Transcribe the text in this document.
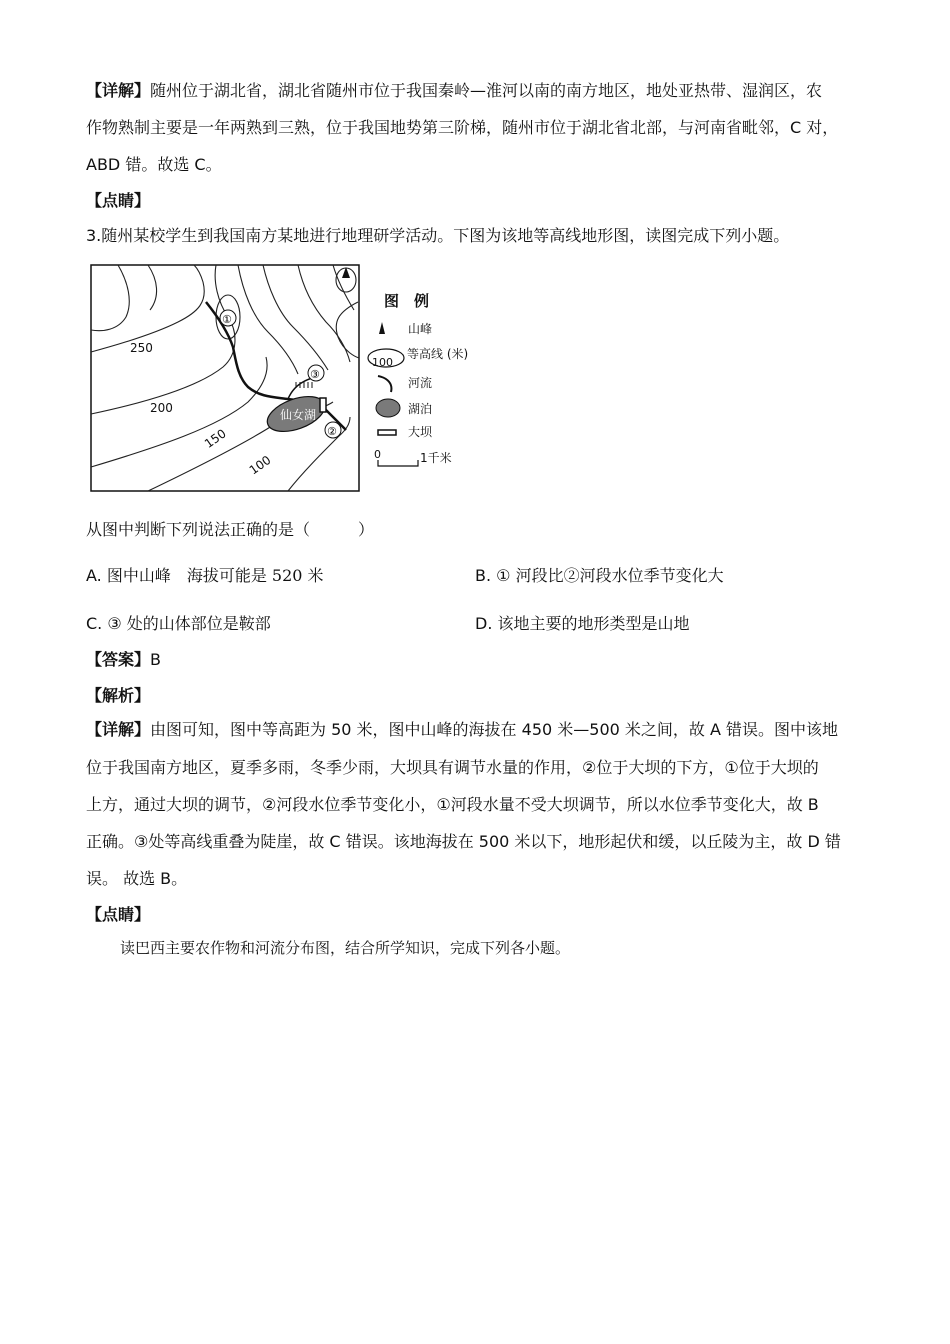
【详解】随州位于湖北省，湖北省随州市位于我国秦岭—淮河以南的南方地区，地处亚热带、湿润区，农
作物熟制主要是一年两熟到三熟，位于我国地势第三阶梯，随州市位于湖北省北部，与河南省毗邻，C 对，
ABD 错。故选 C。
【点睛】
3.随州某校学生到我国南方某地进行地理研学活动。下图为该地等高线地形图，读图完成下列小题。
仙女湖
①
②
③
250
200
150
100
图　例
山峰
100
等高线 (米)
河流
湖泊
大坝
0	1千米
从图中判断下列说法正确的是（　　　）
A. 图中山峰　海拔可能是 520 米	B. ① 河段比②河段水位季节变化大
C. ③ 处的山体部位是鞍部	D. 该地主要的地形类型是山地
【答案】B
【解析】
【详解】由图可知，图中等高距为 50 米，图中山峰的海拔在 450 米—500 米之间，故 A 错误。图中该地
位于我国南方地区，夏季多雨，冬季少雨，大坝具有调节水量的作用，②位于大坝的下方，①位于大坝的
上方，通过大坝的调节，②河段水位季节变化小，①河段水量不受大坝调节，所以水位季节变化大，故 B
正确。③处等高线重叠为陡崖，故 C 错误。该地海拔在 500 米以下，地形起伏和缓，以丘陵为主，故 D 错
误。 故选 B。
【点睛】
读巴西主要农作物和河流分布图，结合所学知识，完成下列各小题。
